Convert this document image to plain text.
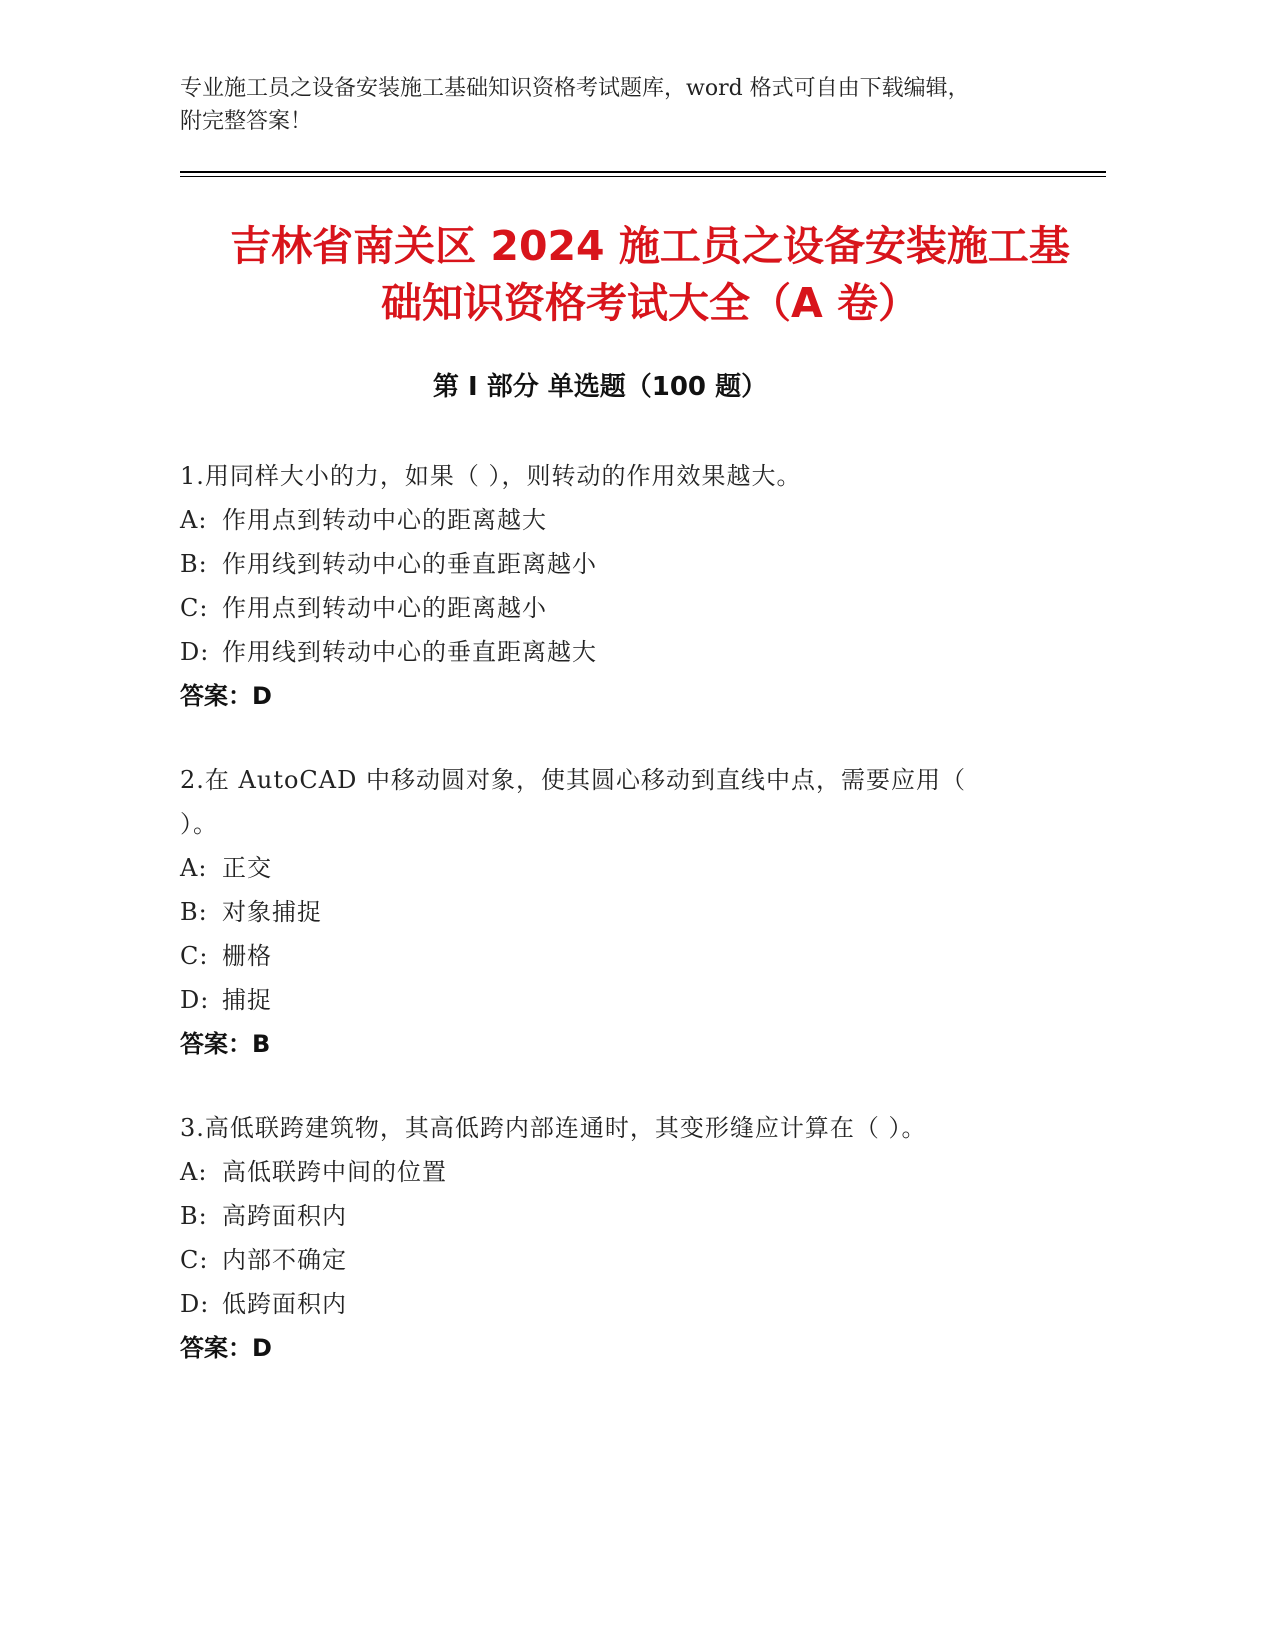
专业施工员之设备安装施工基础知识资格考试题库，word 格式可自由下载编辑，
附完整答案！
吉林省南关区 2024 施工员之设备安装施工基
础知识资格考试大全（A 卷）
第 I 部分 单选题（100 题）

1.用同样大小的力，如果（ ），则转动的作用效果越大。

A: 作用点到转动中心的距离越大

B: 作用线到转动中心的垂直距离越小

C: 作用点到转动中心的距离越小

D: 作用线到转动中心的垂直距离越大

答案：D

2.在 AutoCAD 中移动圆对象，使其圆心移动到直线中点，需要应用（

）。

A: 正交

B: 对象捕捉

C: 栅格

D: 捕捉

答案：B

3.高低联跨建筑物，其高低跨内部连通时，其变形缝应计算在（ ）。

A: 高低联跨中间的位置

B: 高跨面积内

C: 内部不确定

D: 低跨面积内

答案：D
